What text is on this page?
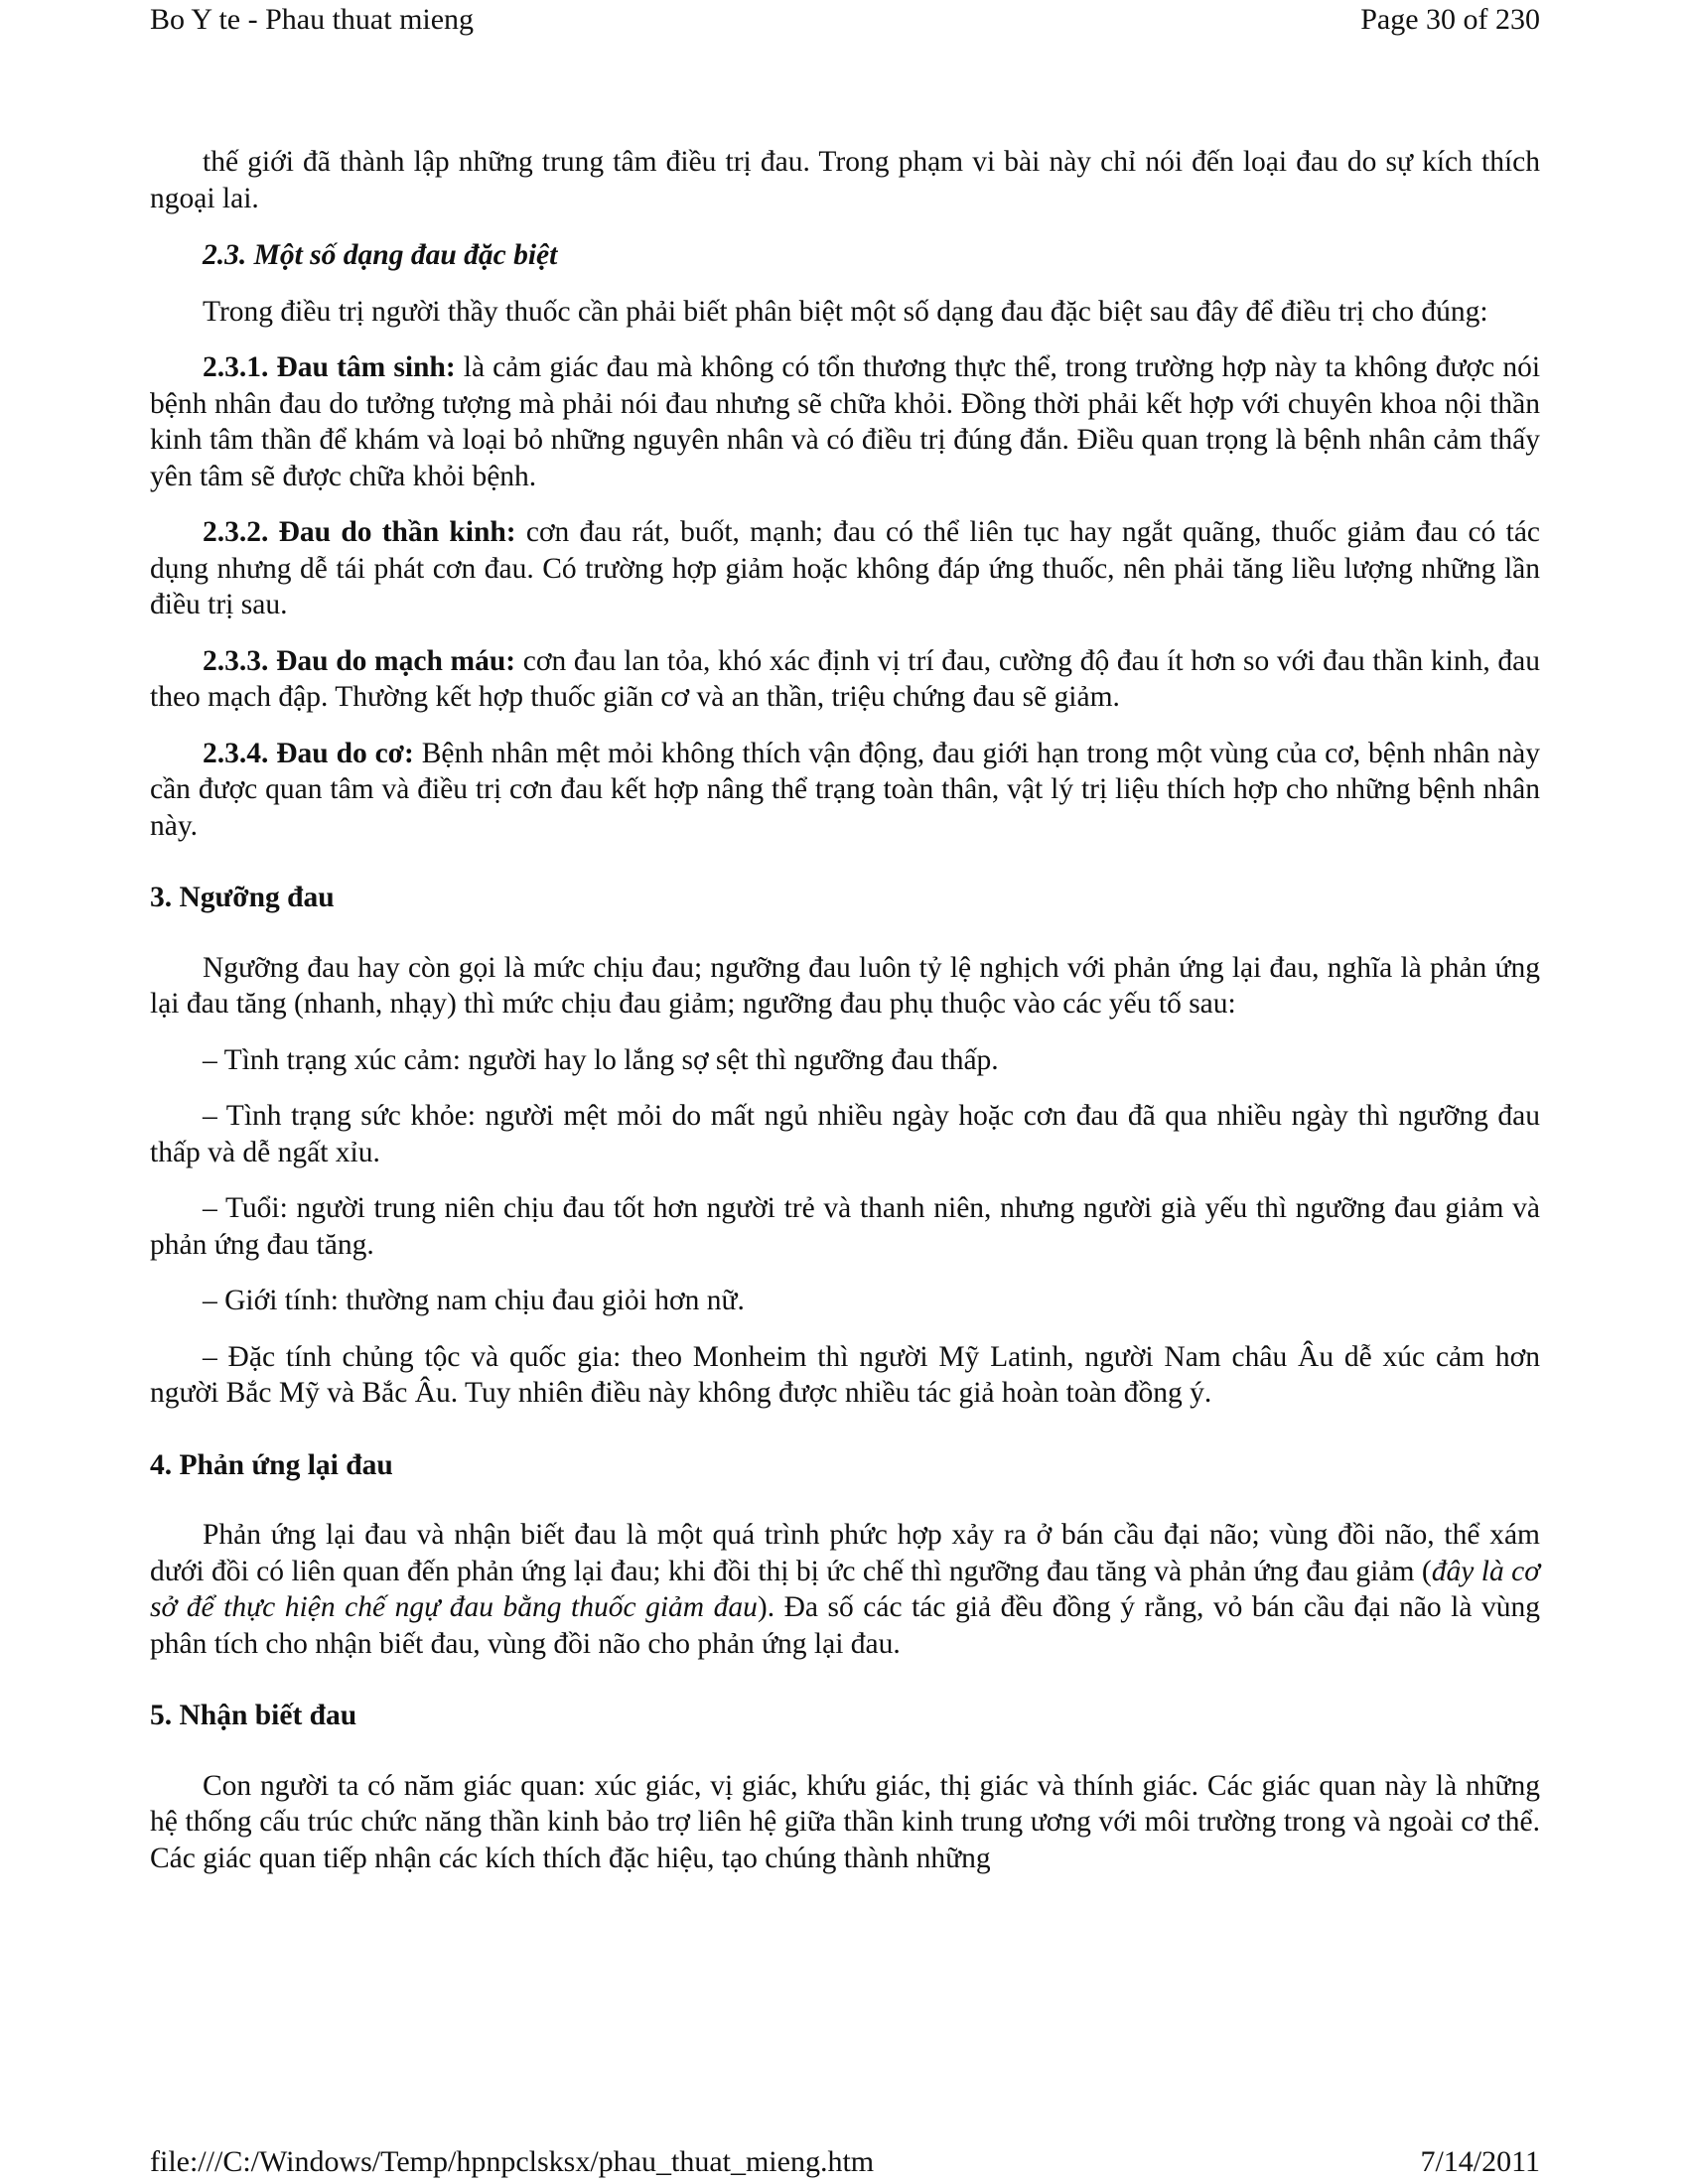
Bo Y te - Phau thuat mieng	Page 30 of 230

thế giới đã thành lập những trung tâm điều trị đau. Trong phạm vi bài này chỉ nói đến loại đau do sự kích thích ngoại lai.

2.3. Một số dạng đau đặc biệt

Trong điều trị người thầy thuốc cần phải biết phân biệt một số dạng đau đặc biệt sau đây để điều trị cho đúng:

2.3.1. Đau tâm sinh: là cảm giác đau mà không có tổn thương thực thể, trong trường hợp này ta không được nói bệnh nhân đau do tưởng tượng mà phải nói đau nhưng sẽ chữa khỏi. Đồng thời phải kết hợp với chuyên khoa nội thần kinh tâm thần để khám và loại bỏ những nguyên nhân và có điều trị đúng đắn. Điều quan trọng là bệnh nhân cảm thấy yên tâm sẽ được chữa khỏi bệnh.

2.3.2. Đau do thần kinh: cơn đau rát, buốt, mạnh; đau có thể liên tục hay ngắt quãng, thuốc giảm đau có tác dụng nhưng dễ tái phát cơn đau. Có trường hợp giảm hoặc không đáp ứng thuốc, nên phải tăng liều lượng những lần điều trị sau.

2.3.3. Đau do mạch máu: cơn đau lan tỏa, khó xác định vị trí đau, cường độ đau ít hơn so với đau thần kinh, đau theo mạch đập. Thường kết hợp thuốc giãn cơ và an thần, triệu chứng đau sẽ giảm.

2.3.4. Đau do cơ: Bệnh nhân mệt mỏi không thích vận động, đau giới hạn trong một vùng của cơ, bệnh nhân này cần được quan tâm và điều trị cơn đau kết hợp nâng thể trạng toàn thân, vật lý trị liệu thích hợp cho những bệnh nhân này.

3. Ngưỡng đau

Ngưỡng đau hay còn gọi là mức chịu đau; ngưỡng đau luôn tỷ lệ nghịch với phản ứng lại đau, nghĩa là phản ứng lại đau tăng (nhanh, nhạy) thì mức chịu đau giảm; ngưỡng đau phụ thuộc vào các yếu tố sau:

– Tình trạng xúc cảm: người hay lo lắng sợ sệt thì ngưỡng đau thấp.

– Tình trạng sức khỏe: người mệt mỏi do mất ngủ nhiều ngày hoặc cơn đau đã qua nhiều ngày thì ngưỡng đau thấp và dễ ngất xỉu.

– Tuổi: người trung niên chịu đau tốt hơn người trẻ và thanh niên, nhưng người già yếu thì ngưỡng đau giảm và phản ứng đau tăng.

– Giới tính: thường nam chịu đau giỏi hơn nữ.

– Đặc tính chủng tộc và quốc gia: theo Monheim thì người Mỹ Latinh, người Nam châu Âu dễ xúc cảm hơn người Bắc Mỹ và Bắc Âu. Tuy nhiên điều này không được nhiều tác giả hoàn toàn đồng ý.

4. Phản ứng lại đau

Phản ứng lại đau và nhận biết đau là một quá trình phức hợp xảy ra ở bán cầu đại não; vùng đồi não, thể xám dưới đồi có liên quan đến phản ứng lại đau; khi đồi thị bị ức chế thì ngưỡng đau tăng và phản ứng đau giảm (đây là cơ sở để thực hiện chế ngự đau bằng thuốc giảm đau). Đa số các tác giả đều đồng ý rằng, vỏ bán cầu đại não là vùng phân tích cho nhận biết đau, vùng đồi não cho phản ứng lại đau.

5. Nhận biết đau

Con người ta có năm giác quan: xúc giác, vị giác, khứu giác, thị giác và thính giác. Các giác quan này là những hệ thống cấu trúc chức năng thần kinh bảo trợ liên hệ giữa thần kinh trung ương với môi trường trong và ngoài cơ thể. Các giác quan tiếp nhận các kích thích đặc hiệu, tạo chúng thành những

file:///C:/Windows/Temp/hpnpclsksx/phau_thuat_mieng.htm	7/14/2011
